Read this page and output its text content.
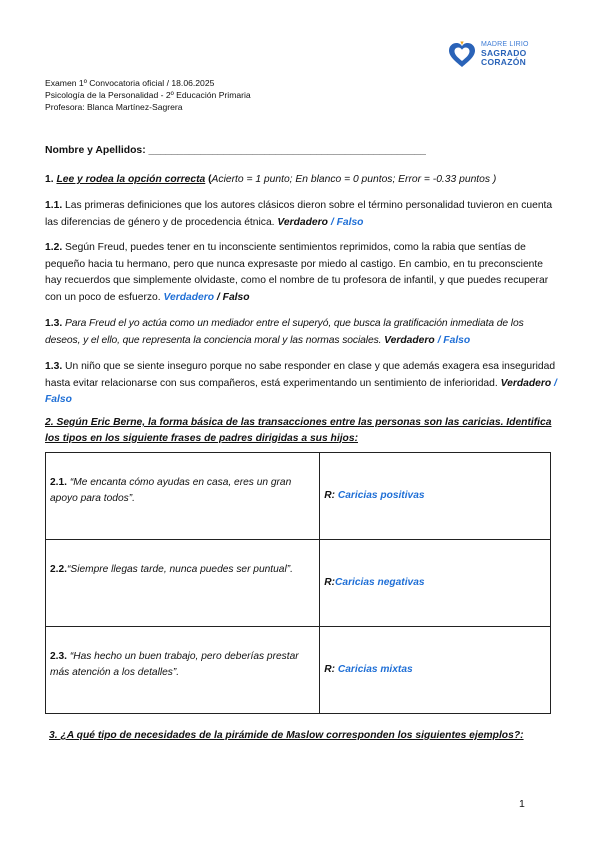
MADRE LIRIO
SAGRADO
CORAZÓN
Examen 1º Convocatoria oficial / 18.06.2025
Psicología de la Personalidad - 2º Educación Primaria
Profesora: Blanca Martínez-Sagrera
Nombre y Apellidos: ________________________________________________
1. Lee y rodea la opción correcta (Acierto = 1 punto; En blanco = 0 puntos; Error = -0.33 puntos )
1.1. Las primeras definiciones que los autores clásicos dieron sobre el término personalidad tuvieron en cuenta las diferencias de género y de procedencia étnica. Verdadero / Falso
1.2. Según Freud, puedes tener en tu inconsciente sentimientos reprimidos, como la rabia que sentías de pequeño hacia tu hermano, pero que nunca expresaste por miedo al castigo. En cambio, en tu preconsciente hay recuerdos que simplemente olvidaste, como el nombre de tu profesora de infantil, y que puedes recuperar con un poco de esfuerzo. Verdadero / Falso
1.3. Para Freud el yo actúa como un mediador entre el superyó, que busca la gratificación inmediata de los deseos, y el ello, que representa la conciencia moral y las normas sociales. Verdadero / Falso
1.3. Un niño que se siente inseguro porque no sabe responder en clase y que además exagera esa inseguridad hasta evitar relacionarse con sus compañeros, está experimentando un sentimiento de inferioridad. Verdadero / Falso
2. Según Eric Berne, la forma básica de las transacciones entre las personas son las caricias. Identifica los tipos en los siguiente frases de padres dirigidas a sus hijos:
2.1. “Me encanta cómo ayudas en casa, eres un gran apoyo para todos”.	R: Caricias positivas
2.2.“Siempre llegas tarde, nunca puedes ser puntual”.	R:Caricias negativas
2.3. “Has hecho un buen trabajo, pero deberías prestar más atención a los detalles”.	R: Caricias mixtas
3. ¿A qué tipo de necesidades de la pirámide de Maslow corresponden los siguientes ejemplos?:
1
